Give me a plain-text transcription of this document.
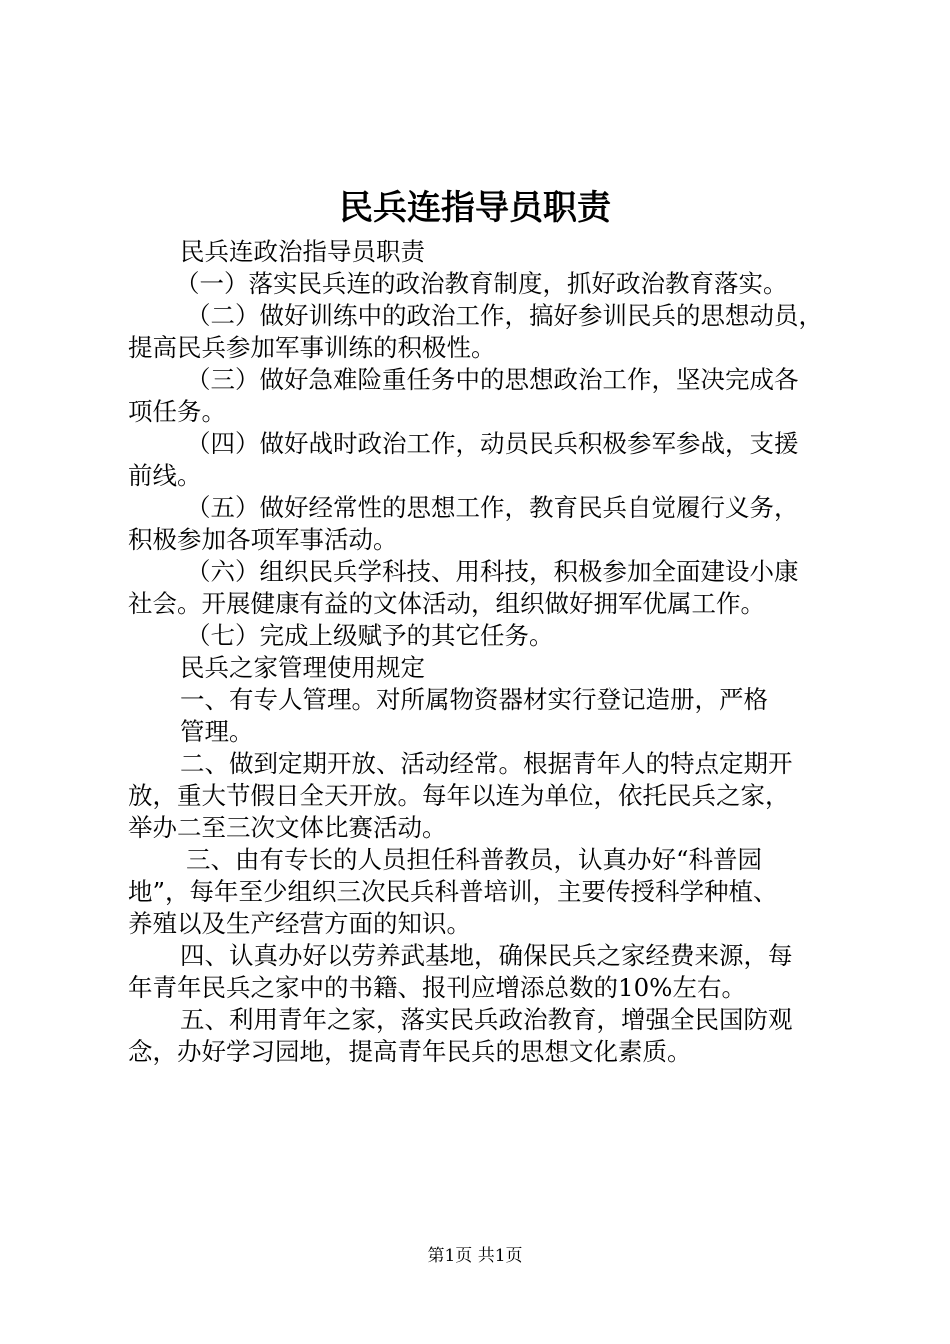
民兵连指导员职责
民兵连政治指导员职责
（一）落实民兵连的政治教育制度，抓好政治教育落实。
（二）做好训练中的政治工作，搞好参训民兵的思想动员，
提高民兵参加军事训练的积极性。
（三）做好急难险重任务中的思想政治工作，坚决完成各
项任务。
（四）做好战时政治工作，动员民兵积极参军参战，支援
前线。
（五）做好经常性的思想工作，教育民兵自觉履行义务，
积极参加各项军事活动。
（六）组织民兵学科技、用科技，积极参加全面建设小康
社会。开展健康有益的文体活动，组织做好拥军优属工作。
（七）完成上级赋予的其它任务。
民兵之家管理使用规定
一、有专人管理。对所属物资器材实行登记造册，严格
管理。
二、做到定期开放、活动经常。根据青年人的特点定期开
放，重大节假日全天开放。每年以连为单位，依托民兵之家，
举办二至三次文体比赛活动。
三、由有专长的人员担任科普教员，认真办好“科普园
地”，每年至少组织三次民兵科普培训，主要传授科学种植、
养殖以及生产经营方面的知识。
四、认真办好以劳养武基地，确保民兵之家经费来源，每
年青年民兵之家中的书籍、报刊应增添总数的10%左右。
五、利用青年之家，落实民兵政治教育，增强全民国防观
念，办好学习园地，提高青年民兵的思想文化素质。
第1页 共1页
